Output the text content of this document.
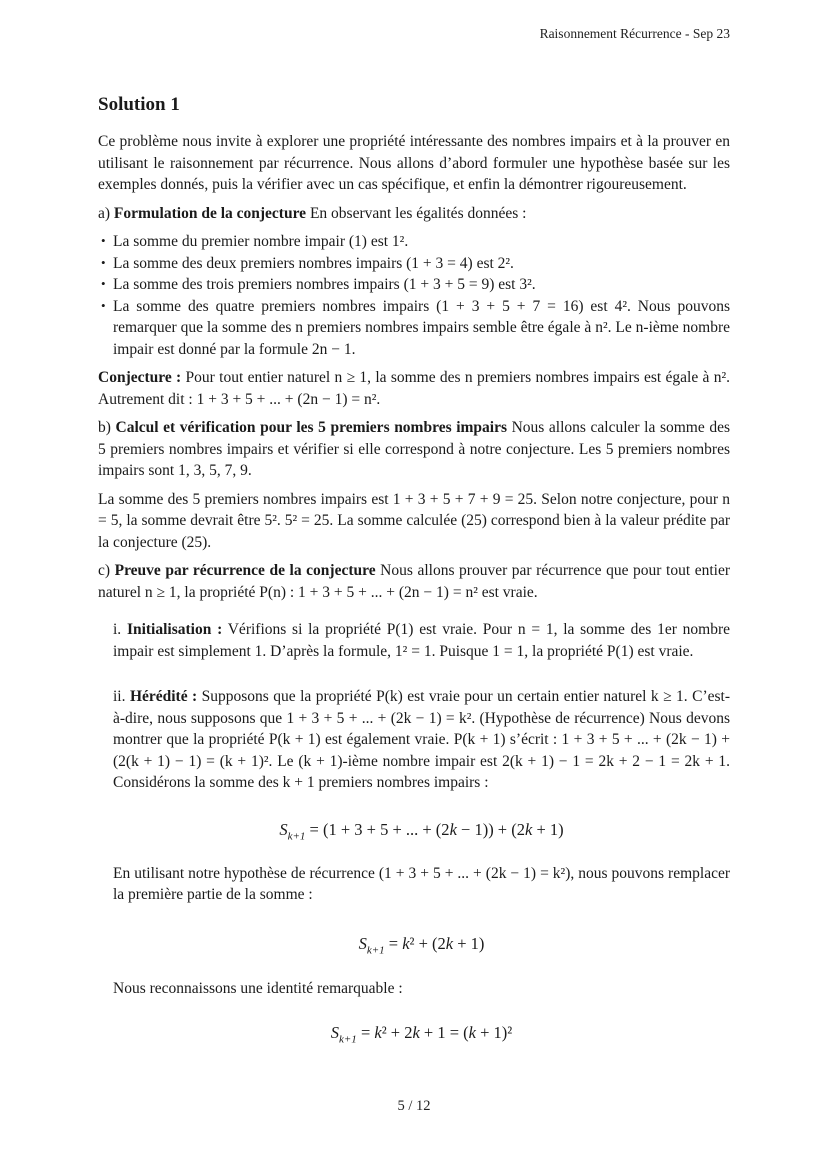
Raisonnement Récurrence - Sep 23
Solution 1

Ce problème nous invite à explorer une propriété intéressante des nombres impairs et à la prouver en utilisant le raisonnement par récurrence. Nous allons d’abord formuler une hypothèse basée sur les exemples donnés, puis la vérifier avec un cas spécifique, et enfin la démontrer rigoureusement.

a) Formulation de la conjecture En observant les égalités données :

• La somme du premier nombre impair (1) est 1².
• La somme des deux premiers nombres impairs (1 + 3 = 4) est 2².
• La somme des trois premiers nombres impairs (1 + 3 + 5 = 9) est 3².
• La somme des quatre premiers nombres impairs (1 + 3 + 5 + 7 = 16) est 4². Nous pouvons remarquer que la somme des n premiers nombres impairs semble être égale à n². Le n-ième nombre impair est donné par la formule 2n − 1.

Conjecture : Pour tout entier naturel n ≥ 1, la somme des n premiers nombres impairs est égale à n². Autrement dit : 1 + 3 + 5 + ... + (2n − 1) = n².

b) Calcul et vérification pour les 5 premiers nombres impairs Nous allons calculer la somme des 5 premiers nombres impairs et vérifier si elle correspond à notre conjecture. Les 5 premiers nombres impairs sont 1, 3, 5, 7, 9.

La somme des 5 premiers nombres impairs est 1 + 3 + 5 + 7 + 9 = 25. Selon notre conjecture, pour n = 5, la somme devrait être 5². 5² = 25. La somme calculée (25) correspond bien à la valeur prédite par la conjecture (25).

c) Preuve par récurrence de la conjecture Nous allons prouver par récurrence que pour tout entier naturel n ≥ 1, la propriété P(n) : 1 + 3 + 5 + ... + (2n − 1) = n² est vraie.

i. Initialisation : Vérifions si la propriété P(1) est vraie. Pour n = 1, la somme des 1er nombre impair est simplement 1. D’après la formule, 1² = 1. Puisque 1 = 1, la propriété P(1) est vraie.

ii. Hérédité : Supposons que la propriété P(k) est vraie pour un certain entier naturel k ≥ 1. C’est-à-dire, nous supposons que 1 + 3 + 5 + ... + (2k − 1) = k². (Hypothèse de récurrence) Nous devons montrer que la propriété P(k + 1) est également vraie. P(k + 1) s’écrit : 1 + 3 + 5 + ... + (2k − 1) + (2(k + 1) − 1) = (k + 1)². Le (k + 1)-ième nombre impair est 2(k + 1) − 1 = 2k + 2 − 1 = 2k + 1. Considérons la somme des k + 1 premiers nombres impairs :

$S_{k+1} = (1 + 3 + 5$ + ... + (2k − 1)) + (2k + 1)

En utilisant notre hypothèse de récurrence (1 + 3 + 5 + ... + (2k − 1) = k²), nous pouvons remplacer la première partie de la somme :

$S_{k+1} = k^2 + (2k + 1)$

Nous reconnaissons une identité remarquable :

$S_{k+1} = k^2 + 2k + 1 = (k + 1)^2$
5 / 12
